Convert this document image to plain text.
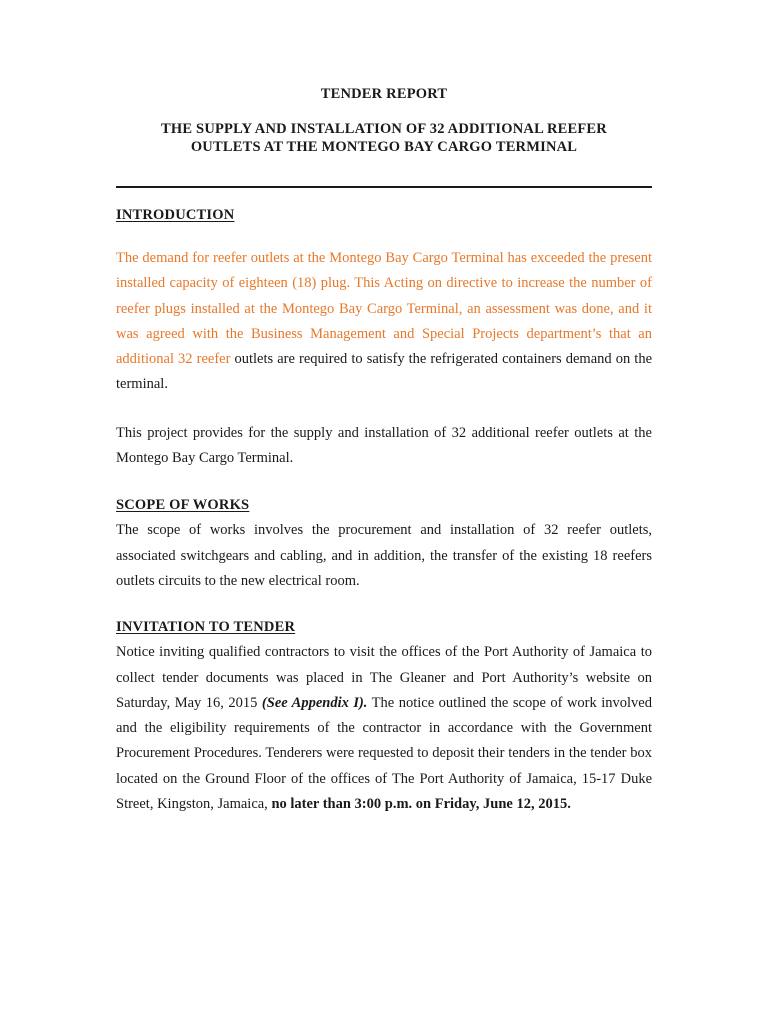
TENDER REPORT

THE SUPPLY AND INSTALLATION OF 32 ADDITIONAL REEFER
OUTLETS AT THE MONTEGO BAY CARGO TERMINAL

INTRODUCTION

The demand for reefer outlets at the Montego Bay Cargo Terminal has exceeded the present installed capacity of eighteen (18) plug. This Acting on directive to increase the number of reefer plugs installed at the Montego Bay Cargo Terminal, an assessment was done, and it was agreed with the Business Management and Special Projects department’s that an additional 32 reefer outlets are required to satisfy the refrigerated containers demand on the terminal.

This project provides for the supply and installation of 32 additional reefer outlets at the Montego Bay Cargo Terminal.

SCOPE OF WORKS

The scope of works involves the procurement and installation of 32 reefer outlets, associated switchgears and cabling, and in addition, the transfer of the existing 18 reefers outlets circuits to the new electrical room.

INVITATION TO TENDER

Notice inviting qualified contractors to visit the offices of the Port Authority of Jamaica to collect tender documents was placed in The Gleaner and Port Authority’s website on Saturday, May 16, 2015 (See Appendix I). The notice outlined the scope of work involved and the eligibility requirements of the contractor in accordance with the Government Procurement Procedures. Tenderers were requested to deposit their tenders in the tender box located on the Ground Floor of the offices of The Port Authority of Jamaica, 15-17 Duke Street, Kingston, Jamaica, no later than 3:00 p.m. on Friday, June 12, 2015.
